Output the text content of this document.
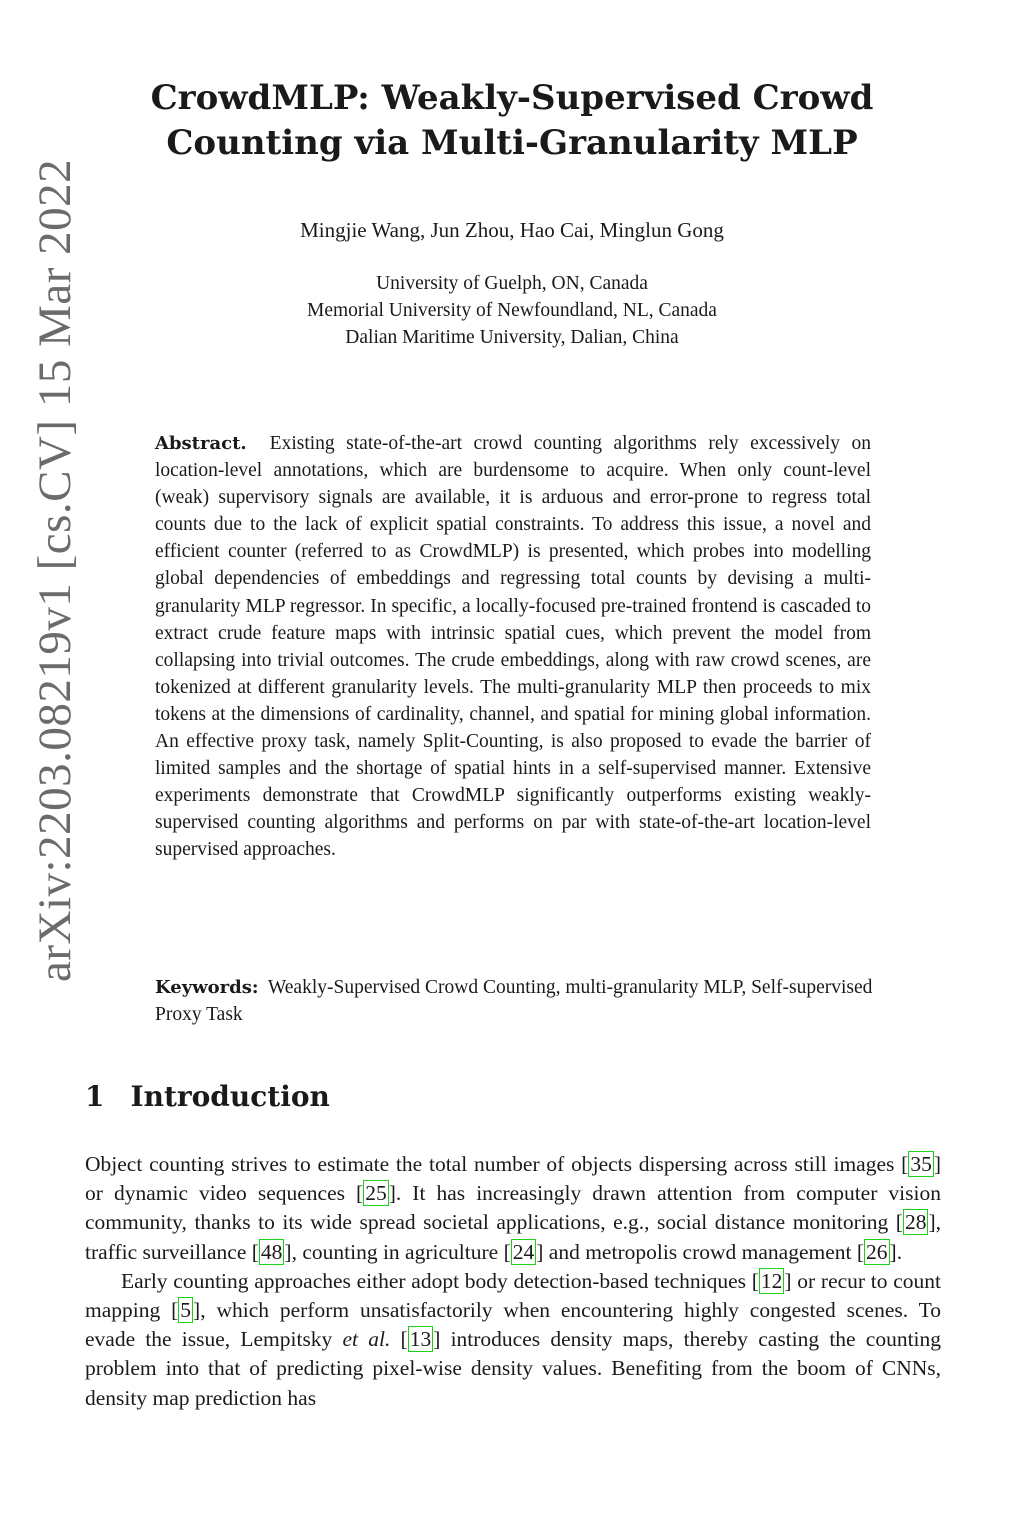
arXiv:2203.08219v1 [cs.CV] 15 Mar 2022
CrowdMLP: Weakly-Supervised Crowd
Counting via Multi-Granularity MLP
Mingjie Wang, Jun Zhou, Hao Cai, Minglun Gong
University of Guelph, ON, Canada
Memorial University of Newfoundland, NL, Canada
Dalian Maritime University, Dalian, China
Abstract. Existing state-of-the-art crowd counting algorithms rely excessively on location-level annotations, which are burdensome to acquire. When only count-level (weak) supervisory signals are available, it is arduous and error-prone to regress total counts due to the lack of explicit spatial constraints. To address this issue, a novel and efficient counter (referred to as CrowdMLP) is presented, which probes into modelling global dependencies of embeddings and regressing total counts by devising a multi-granularity MLP regressor. In specific, a locally-focused pre-trained frontend is cascaded to extract crude feature maps with intrinsic spatial cues, which prevent the model from collapsing into trivial outcomes. The crude embeddings, along with raw crowd scenes, are tokenized at different granularity levels. The multi-granularity MLP then proceeds to mix tokens at the dimensions of cardinality, channel, and spatial for mining global information. An effective proxy task, namely Split-Counting, is also proposed to evade the barrier of limited samples and the shortage of spatial hints in a self-supervised manner. Extensive experiments demonstrate that CrowdMLP significantly outperforms existing weakly-supervised counting algorithms and performs on par with state-of-the-art location-level supervised approaches.
Keywords: Weakly-Supervised Crowd Counting, multi-granularity MLP, Self-supervised Proxy Task
1 Introduction

Object counting strives to estimate the total number of objects dispersing across still images [35] or dynamic video sequences [25]. It has increasingly drawn attention from computer vision community, thanks to its wide spread societal applications, e.g., social distance monitoring [28], traffic surveillance [48], counting in agriculture [24] and metropolis crowd management [26].

Early counting approaches either adopt body detection-based techniques [12] or recur to count mapping [5], which perform unsatisfactorily when encountering highly congested scenes. To evade the issue, Lempitsky et al. [13] introduces density maps, thereby casting the counting problem into that of predicting pixel-wise density values. Benefiting from the boom of CNNs, density map prediction has
